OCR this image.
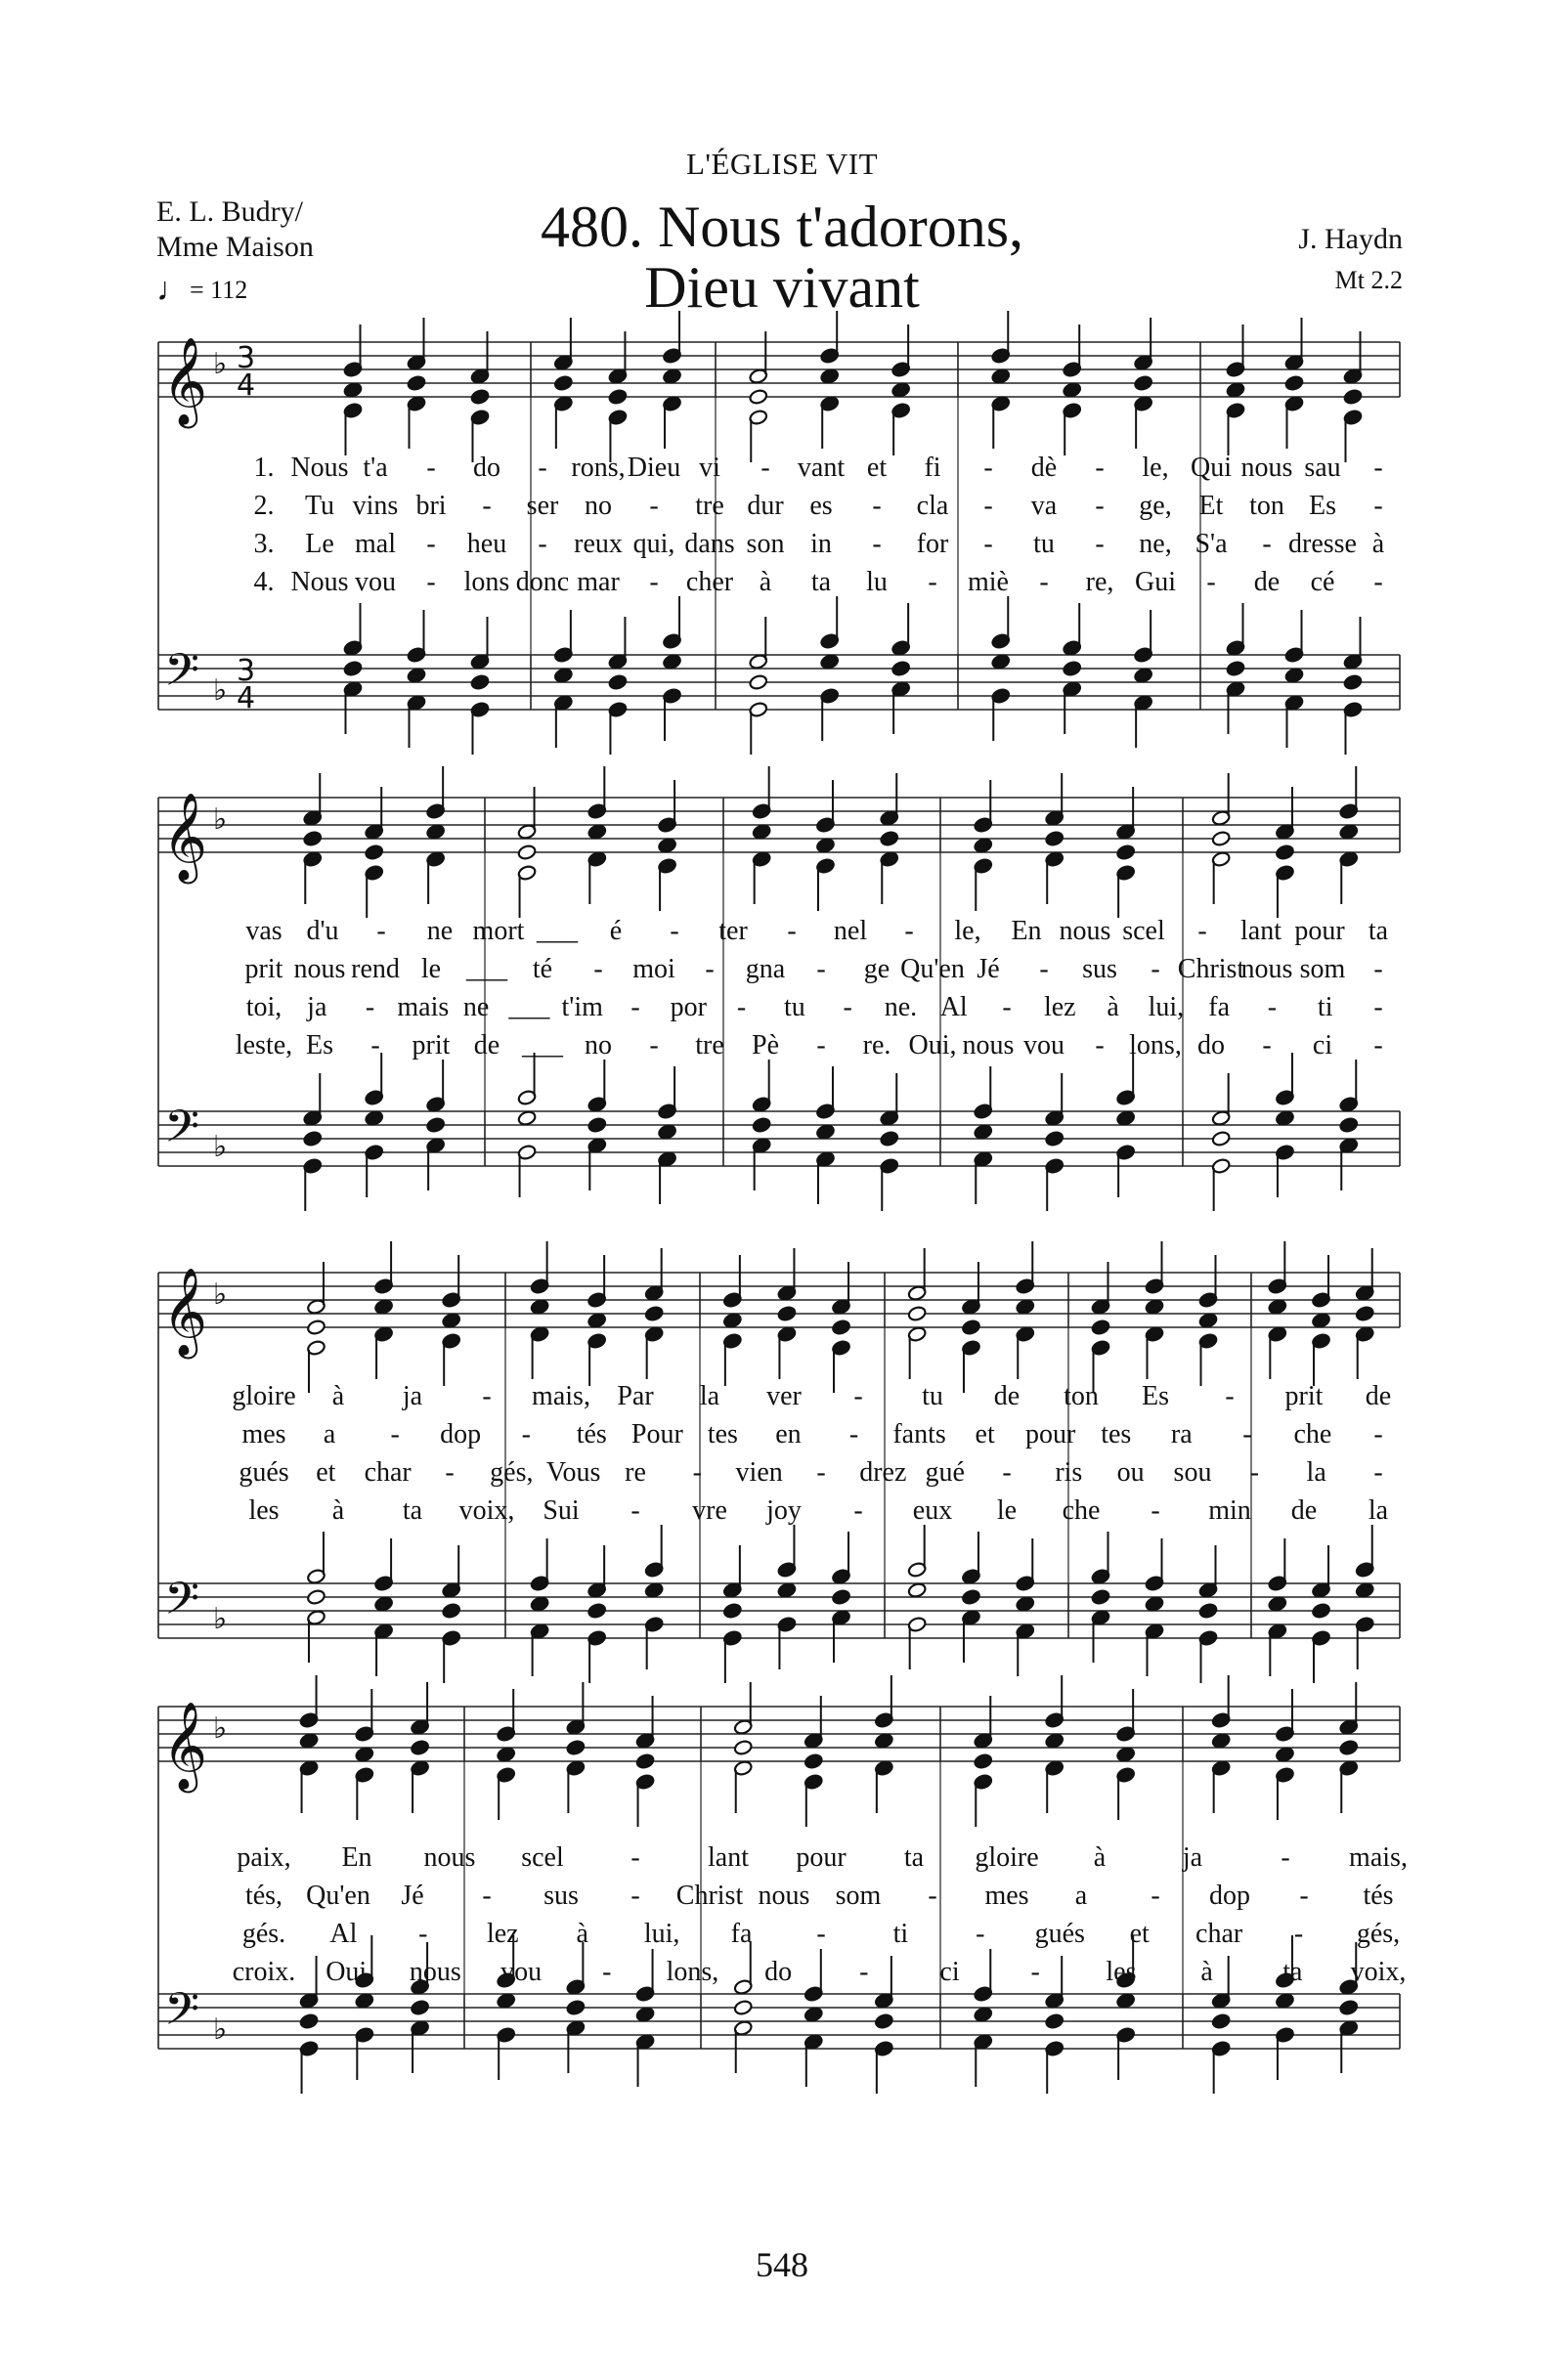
L'ÉGLISE VIT
480. Nous t'adorons,
Dieu vivant
E. L. Budry/
Mme Maison
♩= 112
J. Haydn
Mt 2.2
𝄞
𝄢
♭
♭
3
4
3
4
𝄞
𝄢
♭
♭
𝄞
𝄢
♭
♭
𝄞
𝄢
♭
♭
1. Nous t'a - do - rons, Dieu vi - vant et fi - dè - le, Qui nous sau -
2. Tu vins bri - ser no - tre dur es - cla - va - ge, Et ton Es -
3. Le mal - heu - reux qui, dans son in - for - tu - ne, S'a - dresse à
4. Nous vou - lons donc mar - cher à ta lu - miè - re, Gui - de cé -
vas d'u - ne mort ___ é - ter - nel - le, En nous scel - lant pour ta
prit nous rend le ___ té - moi - gna - ge Qu'en Jé - sus - Christ
nous som -
toi, ja - mais ne ___ t'im - por - tu - ne. Al - lez à lui, fa - ti -
leste, Es - prit de ___ no - tre Pè - re. Oui, nous vou - lons, do - ci -
gloire à ja - mais, Par la ver - tu de ton Es - prit de
mes a - dop - tés Pour tes en - fants et pour tes ra - che -
gués et char - gés, Vous re - vien - drez gué - ris ou sou - la -
les à ta voix, Sui - vre joy - eux le che - min de la
paix, En nous scel - lant pour ta gloire à	ja	- mais,
tés, Qu'en Jé - sus - Christ nous som - mes a - dop - tés
gés. Al - lez à lui, fa - ti - gués et char - gés,
croix. Oui, nous vou - lons, do -	ci	- les à	ta voix,
548
